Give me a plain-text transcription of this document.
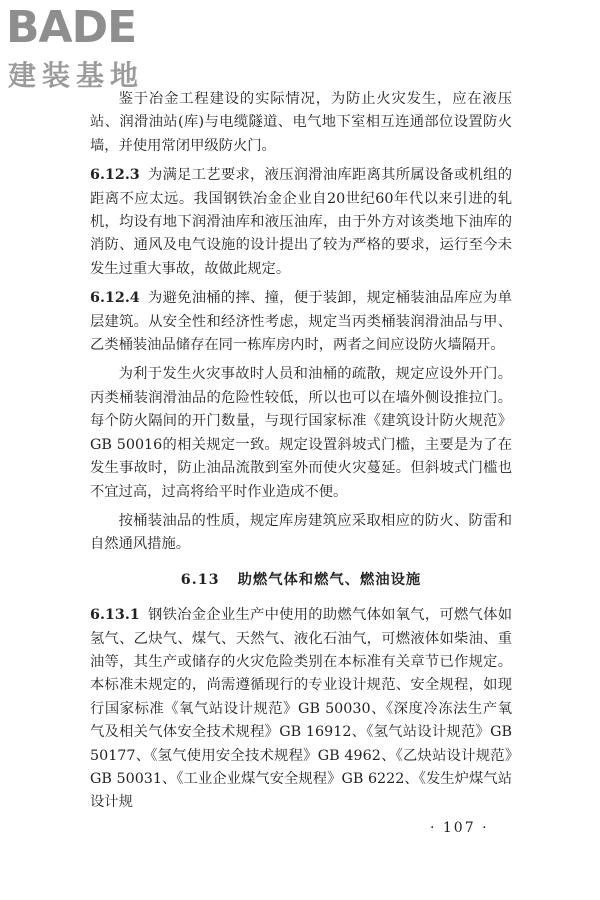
BADE
建装基地

鉴于冶金工程建设的实际情况，为防止火灾发生，应在液压站、润滑油站(库)与电缆隧道、电气地下室相互连通部位设置防火墙，并使用常闭甲级防火门。

6.12.3 为满足工艺要求，液压润滑油库距离其所属设备或机组的距离不应太远。我国钢铁冶金企业自20世纪60年代以来引进的轧机，均设有地下润滑油库和液压油库，由于外方对该类地下油库的消防、通风及电气设施的设计提出了较为严格的要求，运行至今未发生过重大事故，故做此规定。

6.12.4 为避免油桶的摔、撞，便于装卸，规定桶装油品库应为单层建筑。从安全性和经济性考虑，规定当丙类桶装润滑油品与甲、乙类桶装油品储存在同一栋库房内时，两者之间应设防火墙隔开。

为利于发生火灾事故时人员和油桶的疏散，规定应设外开门。丙类桶装润滑油品的危险性较低，所以也可以在墙外侧设推拉门。每个防火隔间的开门数量，与现行国家标准《建筑设计防火规范》GB 50016的相关规定一致。规定设置斜坡式门槛，主要是为了在发生事故时，防止油品流散到室外而使火灾蔓延。但斜坡式门槛也不宜过高，过高将给平时作业造成不便。

按桶装油品的性质，规定库房建筑应采取相应的防火、防雷和自然通风措施。

6.13 助燃气体和燃气、燃油设施

6.13.1 钢铁冶金企业生产中使用的助燃气体如氧气，可燃气体如氢气、乙炔气、煤气、天然气、液化石油气，可燃液体如柴油、重油等，其生产或储存的火灾危险类别在本标准有关章节已作规定。本标准未规定的，尚需遵循现行的专业设计规范、安全规程，如现行国家标准《氧气站设计规范》GB 50030、《深度冷冻法生产氧气及相关气体安全技术规程》GB 16912、《氢气站设计规范》GB 50177、《氢气使用安全技术规程》GB 4962、《乙炔站设计规范》GB 50031、《工业企业煤气安全规程》GB 6222、《发生炉煤气站设计规

· 107 ·
